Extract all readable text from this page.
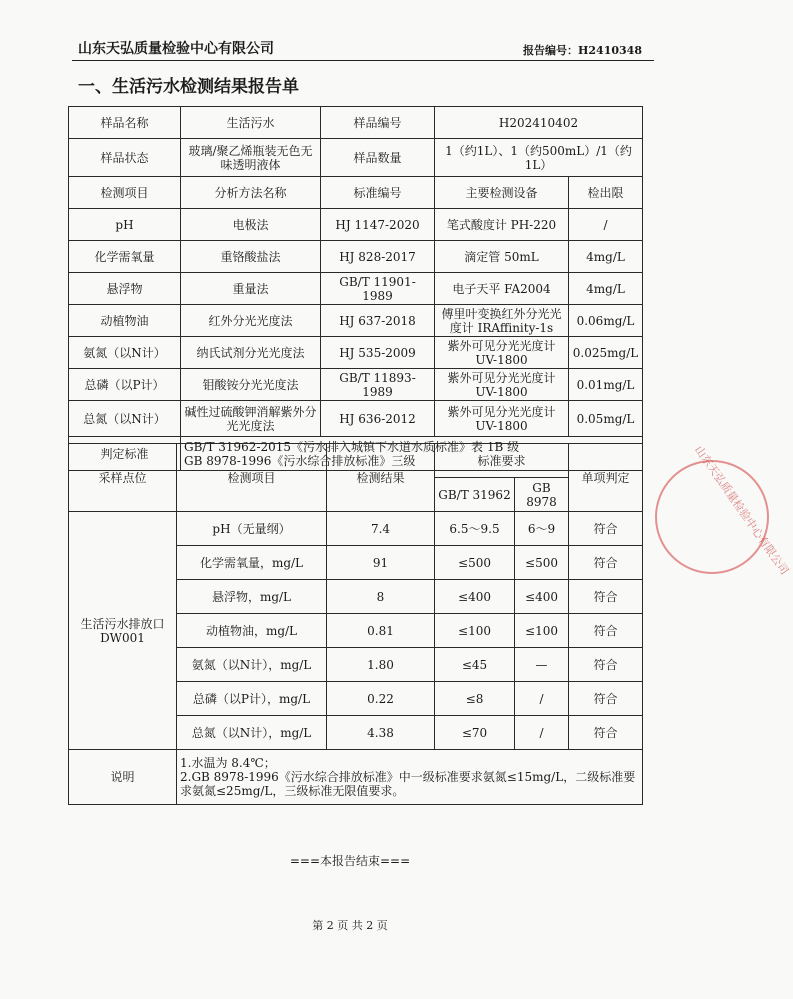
山东天弘质量检验中心有限公司	报告编号：H2410348
一、生活污水检测结果报告单
样品名称	生活污水	样品编号	H202410402	
样品状态	玻璃/聚乙烯瓶装无色无味透明液体	样品数量	1（约1L）、1（约500mL）/1（约1L）	
检测项目	分析方法名称	标准编号	主要检测设备	检出限
pH	电极法	HJ 1147-2020	笔式酸度计 PH-220	/
化学需氧量	重铬酸盐法	HJ 828-2017	滴定管 50mL	4mg/L
悬浮物	重量法	GB/T 11901-1989	电子天平 FA2004	4mg/L
动植物油	红外分光光度法	HJ 637-2018	傅里叶变换红外分光光度计 IRAffinity-1s	0.06mg/L
氨氮（以N计）	纳氏试剂分光光度法	HJ 535-2009	紫外可见分光光度计 UV-1800	0.025mg/L
总磷（以P计）	钼酸铵分光光度法	GB/T 11893-1989	紫外可见分光光度计 UV-1800	0.01mg/L
总氮（以N计）	碱性过硫酸钾消解紫外分光光度法	HJ 636-2012	紫外可见分光光度计 UV-1800	0.05mg/L
判定标准	GB/T 31962-2015《污水排入城镇下水道水质标准》表 1B 级
GB 8978-1996《污水综合排放标准》三级			
采样点位	检测项目	检测结果	标准要求		单项判定
			GB/T 31962	GB 8978	
生活污水排放口 DW001	pH（无量纲）	7.4	6.5～9.5	6～9	符合
	化学需氧量，mg/L	91	≤500	≤500	符合
	悬浮物，mg/L	8	≤400	≤400	符合
	动植物油，mg/L	0.81	≤100	≤100	符合
	氨氮（以N计），mg/L	1.80	≤45	—	符合
	总磷（以P计），mg/L	0.22	≤8	/	符合
	总氮（以N计），mg/L	4.38	≤70	/	符合
说明	1.水温为 8.4℃；
2.GB 8978-1996《污水综合排放标准》中一级标准要求氨氮≤15mg/L，二级标准要求氨氮≤25mg/L，三级标准无限值要求。				
===本报告结束===
第 2 页 共 2 页
山东天弘质量检验中心有限公司
